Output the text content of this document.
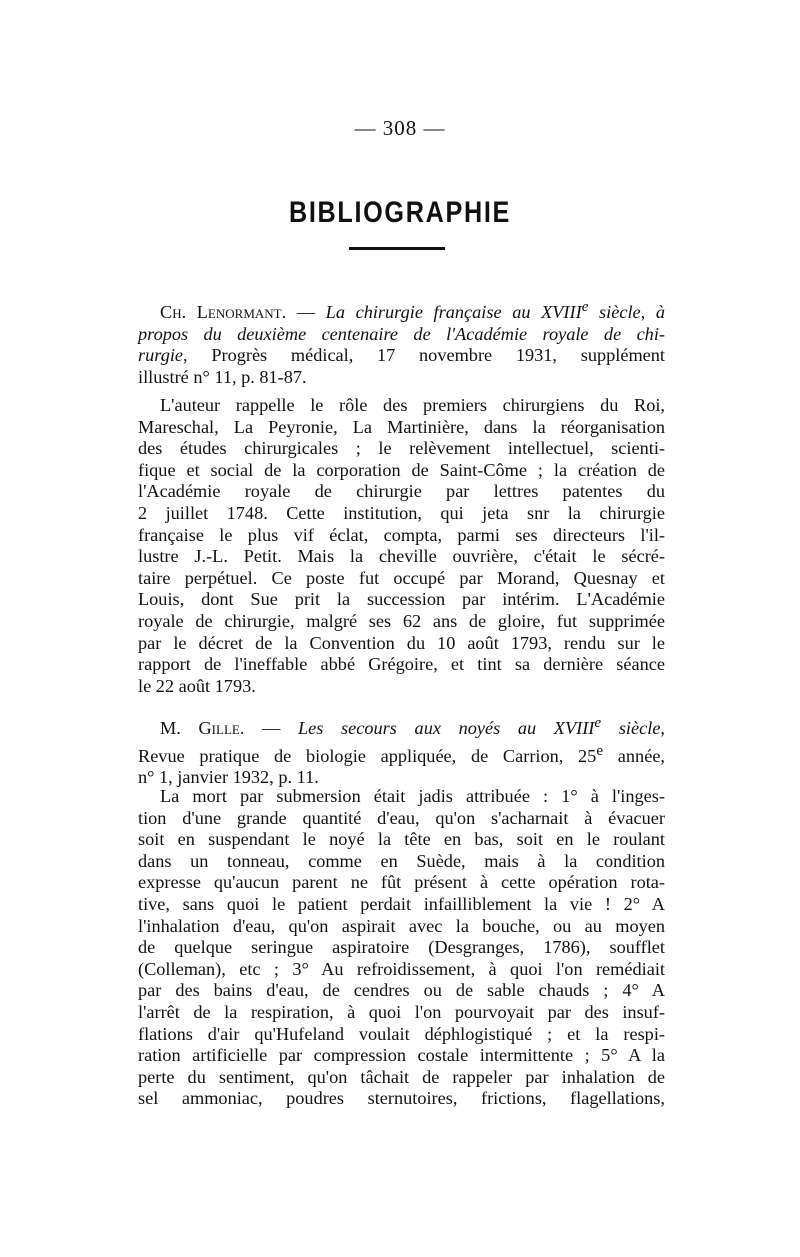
— 308 —
BIBLIOGRAPHIE
Ch. Lenormant. — La chirurgie française au XVIIIe siècle, à
propos du deuxième centenaire de l'Académie royale de chi-
rurgie, Progrès médical, 17 novembre 1931, supplément
illustré n° 11, p. 81-87.
L'auteur rappelle le rôle des premiers chirurgiens du Roi,
Mareschal, La Peyronie, La Martinière, dans la réorganisation
des études chirurgicales ; le relèvement intellectuel, scienti-
fique et social de la corporation de Saint-Côme ; la création de
l'Académie royale de chirurgie par lettres patentes du
2 juillet 1748. Cette institution, qui jeta snr la chirurgie
française le plus vif éclat, compta, parmi ses directeurs l'il-
lustre J.-L. Petit. Mais la cheville ouvrière, c'était le sécré-
taire perpétuel. Ce poste fut occupé par Morand, Quesnay et
Louis, dont Sue prit la succession par intérim. L'Académie
royale de chirurgie, malgré ses 62 ans de gloire, fut supprimée
par le décret de la Convention du 10 août 1793, rendu sur le
rapport de l'ineffable abbé Grégoire, et tint sa dernière séance
le 22 août 1793.
M. Gille. — Les secours aux noyés au XVIIIe siècle,
Revue pratique de biologie appliquée, de Carrion, 25e année,
n° 1, janvier 1932, p. 11.
La mort par submersion était jadis attribuée : 1° à l'inges-
tion d'une grande quantité d'eau, qu'on s'acharnait à évacuer
soit en suspendant le noyé la tête en bas, soit en le roulant
dans un tonneau, comme en Suède, mais à la condition
expresse qu'aucun parent ne fût présent à cette opération rota-
tive, sans quoi le patient perdait infailliblement la vie ! 2° A
l'inhalation d'eau, qu'on aspirait avec la bouche, ou au moyen
de quelque seringue aspiratoire (Desgranges, 1786), soufflet
(Colleman), etc ; 3° Au refroidissement, à quoi l'on remédiait
par des bains d'eau, de cendres ou de sable chauds ; 4° A
l'arrêt de la respiration, à quoi l'on pourvoyait par des insuf-
flations d'air qu'Hufeland voulait déphlogistiqué ; et la respi-
ration artificielle par compression costale intermittente ; 5° A la
perte du sentiment, qu'on tâchait de rappeler par inhalation de
sel ammoniac, poudres sternutoires, frictions, flagellations,
